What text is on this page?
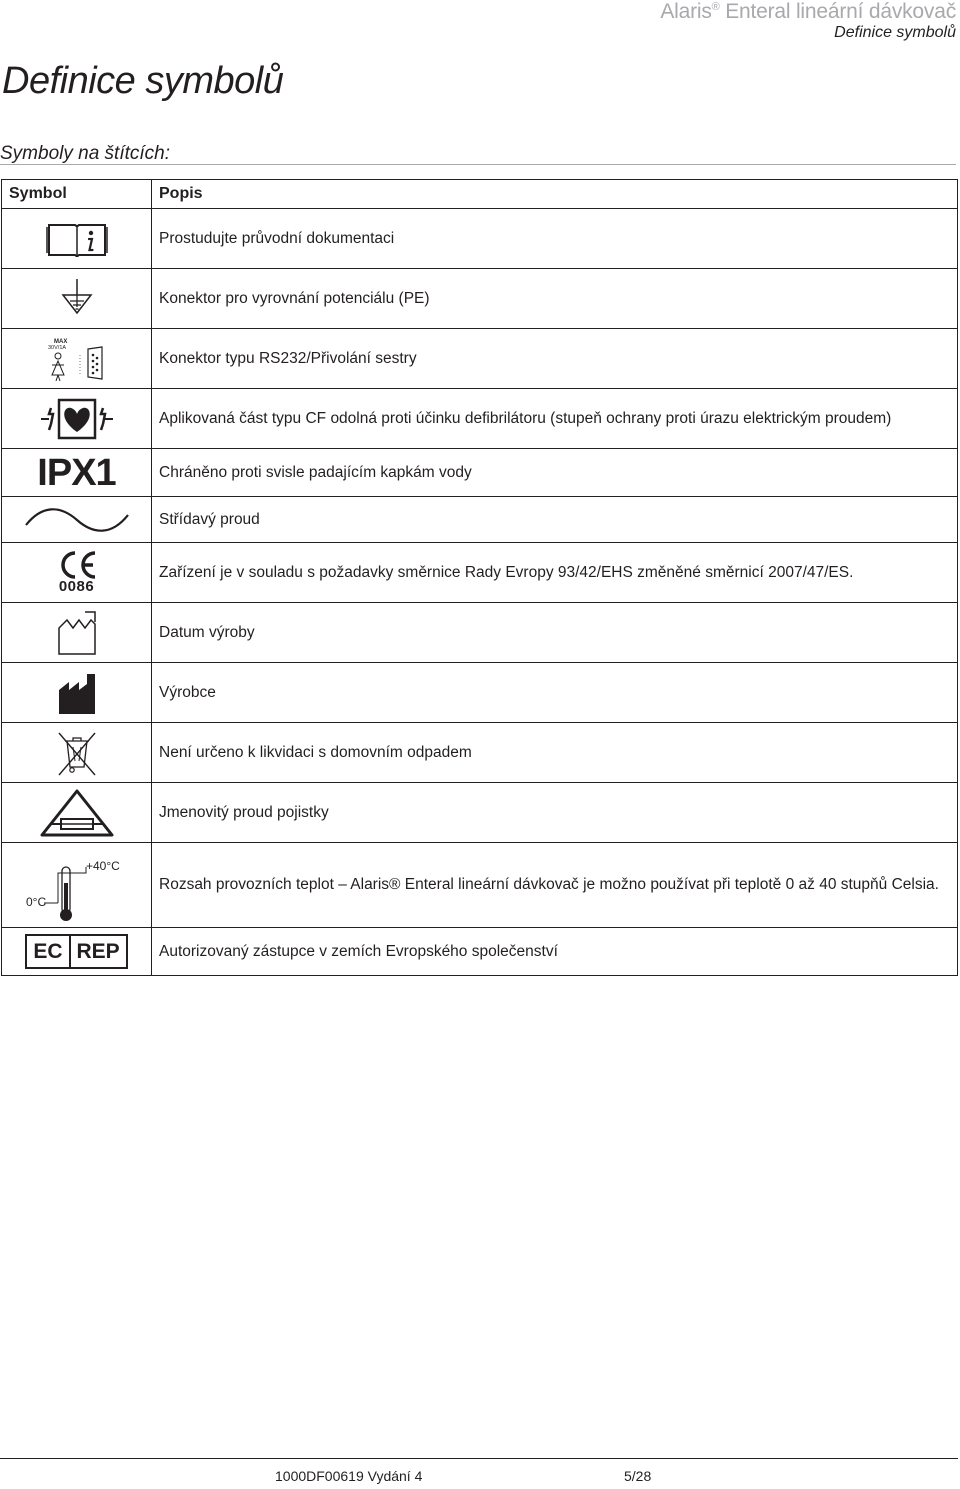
Alaris® Enteral lineární dávkovač
Definice symbolů
Definice symbolů
Symboly na štítcích:
Symbol	Popis

	Prostudujte průvodní dokumentaci

	Konektor pro vyrovnání potenciálu (PE)

MAX
30V/1A	Konektor typu RS232/Přivolání sestry

	Aplikovaná část typu CF odolná proti účinku defibrilátoru (stupeň ochrany proti úrazu elektrickým proudem)
IPX1	Chráněno proti svisle padajícím kapkám vody

	Střídavý proud

0086	Zařízení je v souladu s požadavky směrnice Rady Evropy 93/42/EHS změněné směrnicí 2007/47/ES.

	Datum výroby

	Výrobce

	Není určeno k likvidaci s domovním odpadem

	Jmenovitý proud pojistky

0°C
+40°C	Rozsah provozních teplot – Alaris® Enteral lineární dávkovač je možno používat při teplotě 0 až 40 stupňů Celsia.

EC REP	Autorizovaný zástupce v zemích Evropského společenství
1000DF00619 Vydání 4	5/28
